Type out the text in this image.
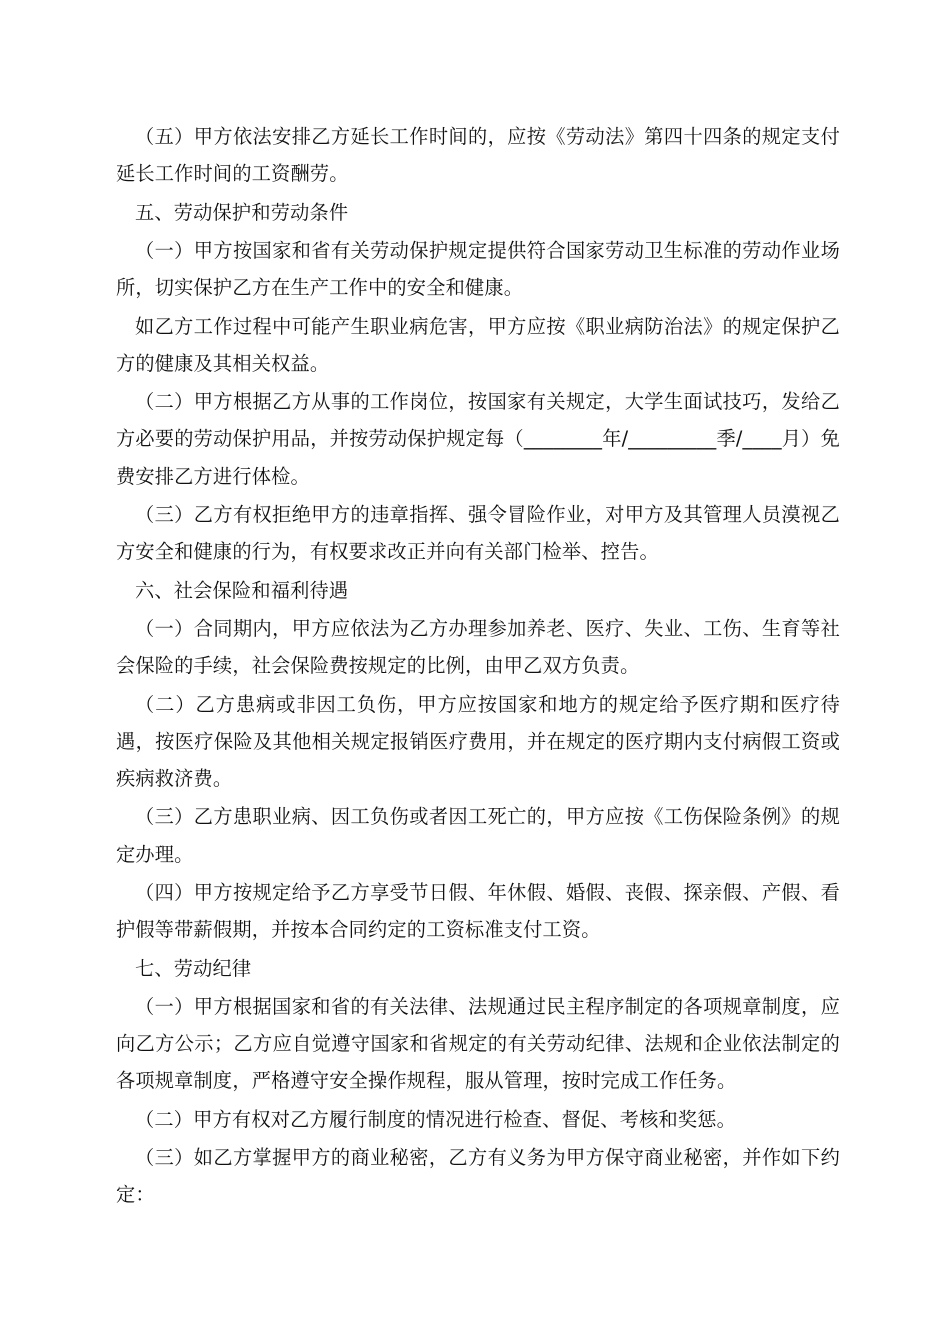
（五）甲方依法安排乙方延长工作时间的，应按《劳动法》第四十四条的规定支付延长工作时间的工资酬劳。

五、劳动保护和劳动条件

（一）甲方按国家和省有关劳动保护规定提供符合国家劳动卫生标准的劳动作业场所，切实保护乙方在生产工作中的安全和健康。

如乙方工作过程中可能产生职业病危害，甲方应按《职业病防治法》的规定保护乙方的健康及其相关权益。

（二）甲方根据乙方从事的工作岗位，按国家有关规定，大学生面试技巧，发给乙方必要的劳动保护用品，并按劳动保护规定每（________年/_________季/____月）免费安排乙方进行体检。

（三）乙方有权拒绝甲方的违章指挥、强令冒险作业，对甲方及其管理人员漠视乙方安全和健康的行为，有权要求改正并向有关部门检举、控告。

六、社会保险和福利待遇

（一）合同期内，甲方应依法为乙方办理参加养老、医疗、失业、工伤、生育等社会保险的手续，社会保险费按规定的比例，由甲乙双方负责。

（二）乙方患病或非因工负伤，甲方应按国家和地方的规定给予医疗期和医疗待遇，按医疗保险及其他相关规定报销医疗费用，并在规定的医疗期内支付病假工资或疾病救济费。

（三）乙方患职业病、因工负伤或者因工死亡的，甲方应按《工伤保险条例》的规定办理。

（四）甲方按规定给予乙方享受节日假、年休假、婚假、丧假、探亲假、产假、看护假等带薪假期，并按本合同约定的工资标准支付工资。

七、劳动纪律

（一）甲方根据国家和省的有关法律、法规通过民主程序制定的各项规章制度，应向乙方公示；乙方应自觉遵守国家和省规定的有关劳动纪律、法规和企业依法制定的各项规章制度，严格遵守安全操作规程，服从管理，按时完成工作任务。

（二）甲方有权对乙方履行制度的情况进行检查、督促、考核和奖惩。

（三）如乙方掌握甲方的商业秘密，乙方有义务为甲方保守商业秘密，并作如下约定：
